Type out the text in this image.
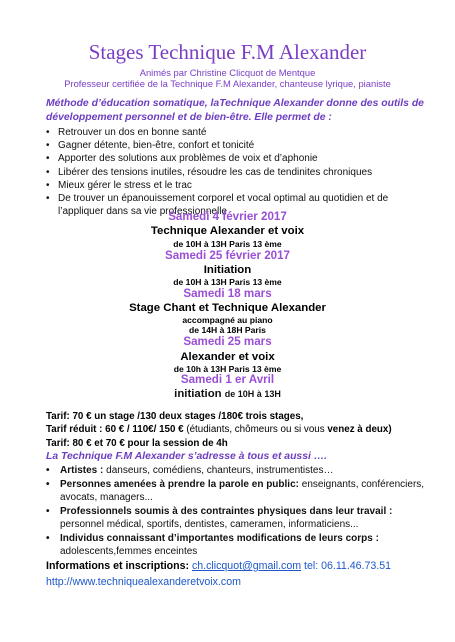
Stages Technique F.M Alexander
Animés par Christine Clicquot de Mentque
Professeur certifiée de la Technique F.M Alexander, chanteuse lyrique, pianiste
Méthode d’éducation somatique, laTechnique Alexander donne des outils de développement personnel et de bien-être. Elle permet de :
• Retrouver un dos en bonne santé
• Gagner détente, bien-être, confort et tonicité
• Apporter des solutions aux problèmes de voix et d’aphonie
• Libérer des tensions inutiles, résoudre les cas de tendinites chroniques
• Mieux gérer le stress et le trac
• De trouver un épanouissement corporel et vocal optimal au quotidien et de l’appliquer dans sa vie professionnelle
Samedi 4 février 2017
Technique Alexander et voix
de 10H à 13H Paris 13 ème
Samedi 25 février 2017
Initiation
de 10H à 13H Paris 13 ème
Samedi 18 mars
Stage Chant et Technique Alexander
accompagné au piano
de 14H à 18H Paris
Samedi 25 mars
Alexander et voix
de 10h à 13H Paris 13 ème
Samedi 1 er Avril
initiation de 10H à 13H
Tarif: 70 € un stage /130 deux stages /180€ trois stages,
Tarif réduit : 60 € / 110€/ 150 € (étudiants, chômeurs ou si vous venez à deux)
Tarif: 80 € et 70 € pour la session de 4h
La Technique F.M Alexander s’adresse à tous et aussi ….
• Artistes : danseurs, comédiens, chanteurs, instrumentistes…
• Personnes amenées à prendre la parole en public: enseignants, conférenciers, avocats, managers...
• Professionnels soumis à des contraintes physiques dans leur travail : personnel médical, sportifs, dentistes, cameramen, informaticiens...
• Individus connaissant d’importantes modifications de leurs corps : adolescents,femmes enceintes
Informations et inscriptions: ch.clicquot@gmail.com tel: 06.11.46.73.51
http://www.techniquealexanderetvoix.com
